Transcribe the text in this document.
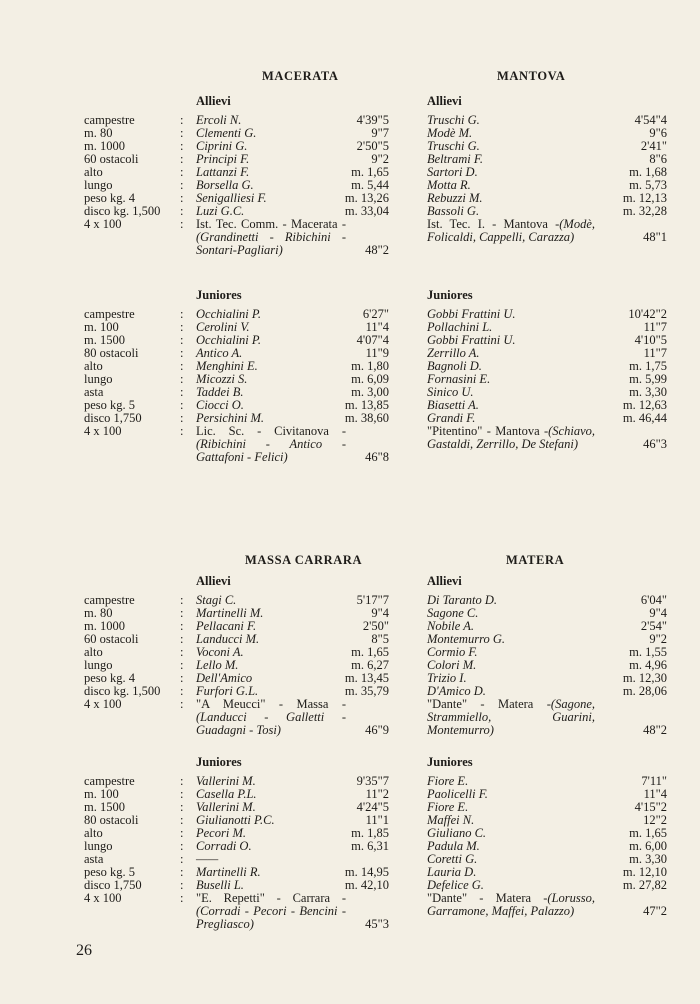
MACERATA
Allievi
campestre	: Ercoli N.	4'39"5
m. 80	: Clementi G.	9"7
m. 1000	: Ciprini G.	2'50"5
60 ostacoli	: Principi F.	9"2
alto	: Lattanzi F.	m. 1,65
lungo	: Borsella G.	m. 5,44
peso kg. 4	: Senigalliesi F.	m. 13,26
disco kg. 1,500 : Luzi G.C.	m. 33,04
4 x 100	: Ist. Tec. Comm. - Macerata -(Grandinetti - Ribichini - Sontari-Pagliari)	48"2
Juniores
campestre	: Occhialini P.	6'27"
m. 100	: Cerolini V.	11"4
m. 1500	: Occhialini P.	4'07"4
80 ostacoli	: Antico A.	11"9
alto	: Menghini E.	m. 1,80
lungo	: Micozzi S.	m. 6,09
asta	: Taddei B.	m. 3,00
peso kg. 5	: Ciocci O.	m. 13,85
disco 1,750	: Persichini M.	m. 38,60
4 x 100	: Lic. Sc. - Civitanova -(Ribichini - Antico - Gattafoni - Felici)	46"8
MANTOVA
Allievi
Truschi G.	4'54"4
Modè M.	9"6
Truschi G.	2'41"
Beltrami F.	8"6
Sartori D.	m. 1,68
Motta R.	m. 5,73
Rebuzzi M.	m. 12,13
Bassoli G.	m. 32,28
Ist. Tec. I. - Mantova -(Modè, Folicaldi, Cappelli, Carazza)	48"1
Juniores
Gobbi Frattini U.	10'42"2
Pollachini L.	11"7
Gobbi Frattini U.	4'10"5
Zerrillo A.	11"7
Bagnoli D.	m. 1,75
Fornasini E.	m. 5,99
Sinico U.	m. 3,30
Biasetti A.	m. 12,63
Grandi F.	m. 46,44
"Pitentino" - Mantova -(Schiavo, Gastaldi, Zerrillo, De Stefani)	46"3
MASSA CARRARA
Allievi
campestre	: Stagi C.	5'17"7
m. 80	: Martinelli M.	9"4
m. 1000	: Pellacani F.	2'50"
60 ostacoli	: Landucci M.	8"5
alto	: Voconi A.	m. 1,65
lungo	: Lello M.	m. 6,27
peso kg. 4	: Dell'Amico	m. 13,45
disco kg. 1,500 : Furfori G.L.	m. 35,79
4 x 100	: "A Meucci" - Massa -(Landucci - Galletti - Guadagni - Tosi)	46"9
Juniores
campestre	: Vallerini M.	9'35"7
m. 100	: Casella P.L.	11"2
m. 1500	: Vallerini M.	4'24"5
80 ostacoli	: Giulianotti P.C.	11"1
alto	: Pecori M.	m. 1,85
lungo	: Corradi O.	m. 6,31
asta	: ——
peso kg. 5	: Martinelli R.	m. 14,95
disco 1,750	: Buselli L.	m. 42,10
4 x 100	: "E. Repetti" - Carrara -(Corradi - Pecori - Bencini - Pregliasco)	45"3
MATERA
Allievi
Di Taranto D.	6'04"
Sagone C.	9"4
Nobile A.	2'54"
Montemurro G.	9"2
Cormio F.	m. 1,55
Colori M.	m. 4,96
Trizio I.	m. 12,30
D'Amico D.	m. 28,06
"Dante" - Matera -(Sagone, Strammiello, Guarini, Montemurro)	48"2
Juniores
Fiore E.	7'11"
Paolicelli F.	11"4
Fiore E.	4'15"2
Maffei N.	12"2
Giuliano C.	m. 1,65
Padula M.	m. 6,00
Coretti G.	m. 3,30
Lauria D.	m. 12,10
Defelice G.	m. 27,82
"Dante" - Matera -(Lorusso, Garramone, Maffei, Palazzo)	47"2
26
